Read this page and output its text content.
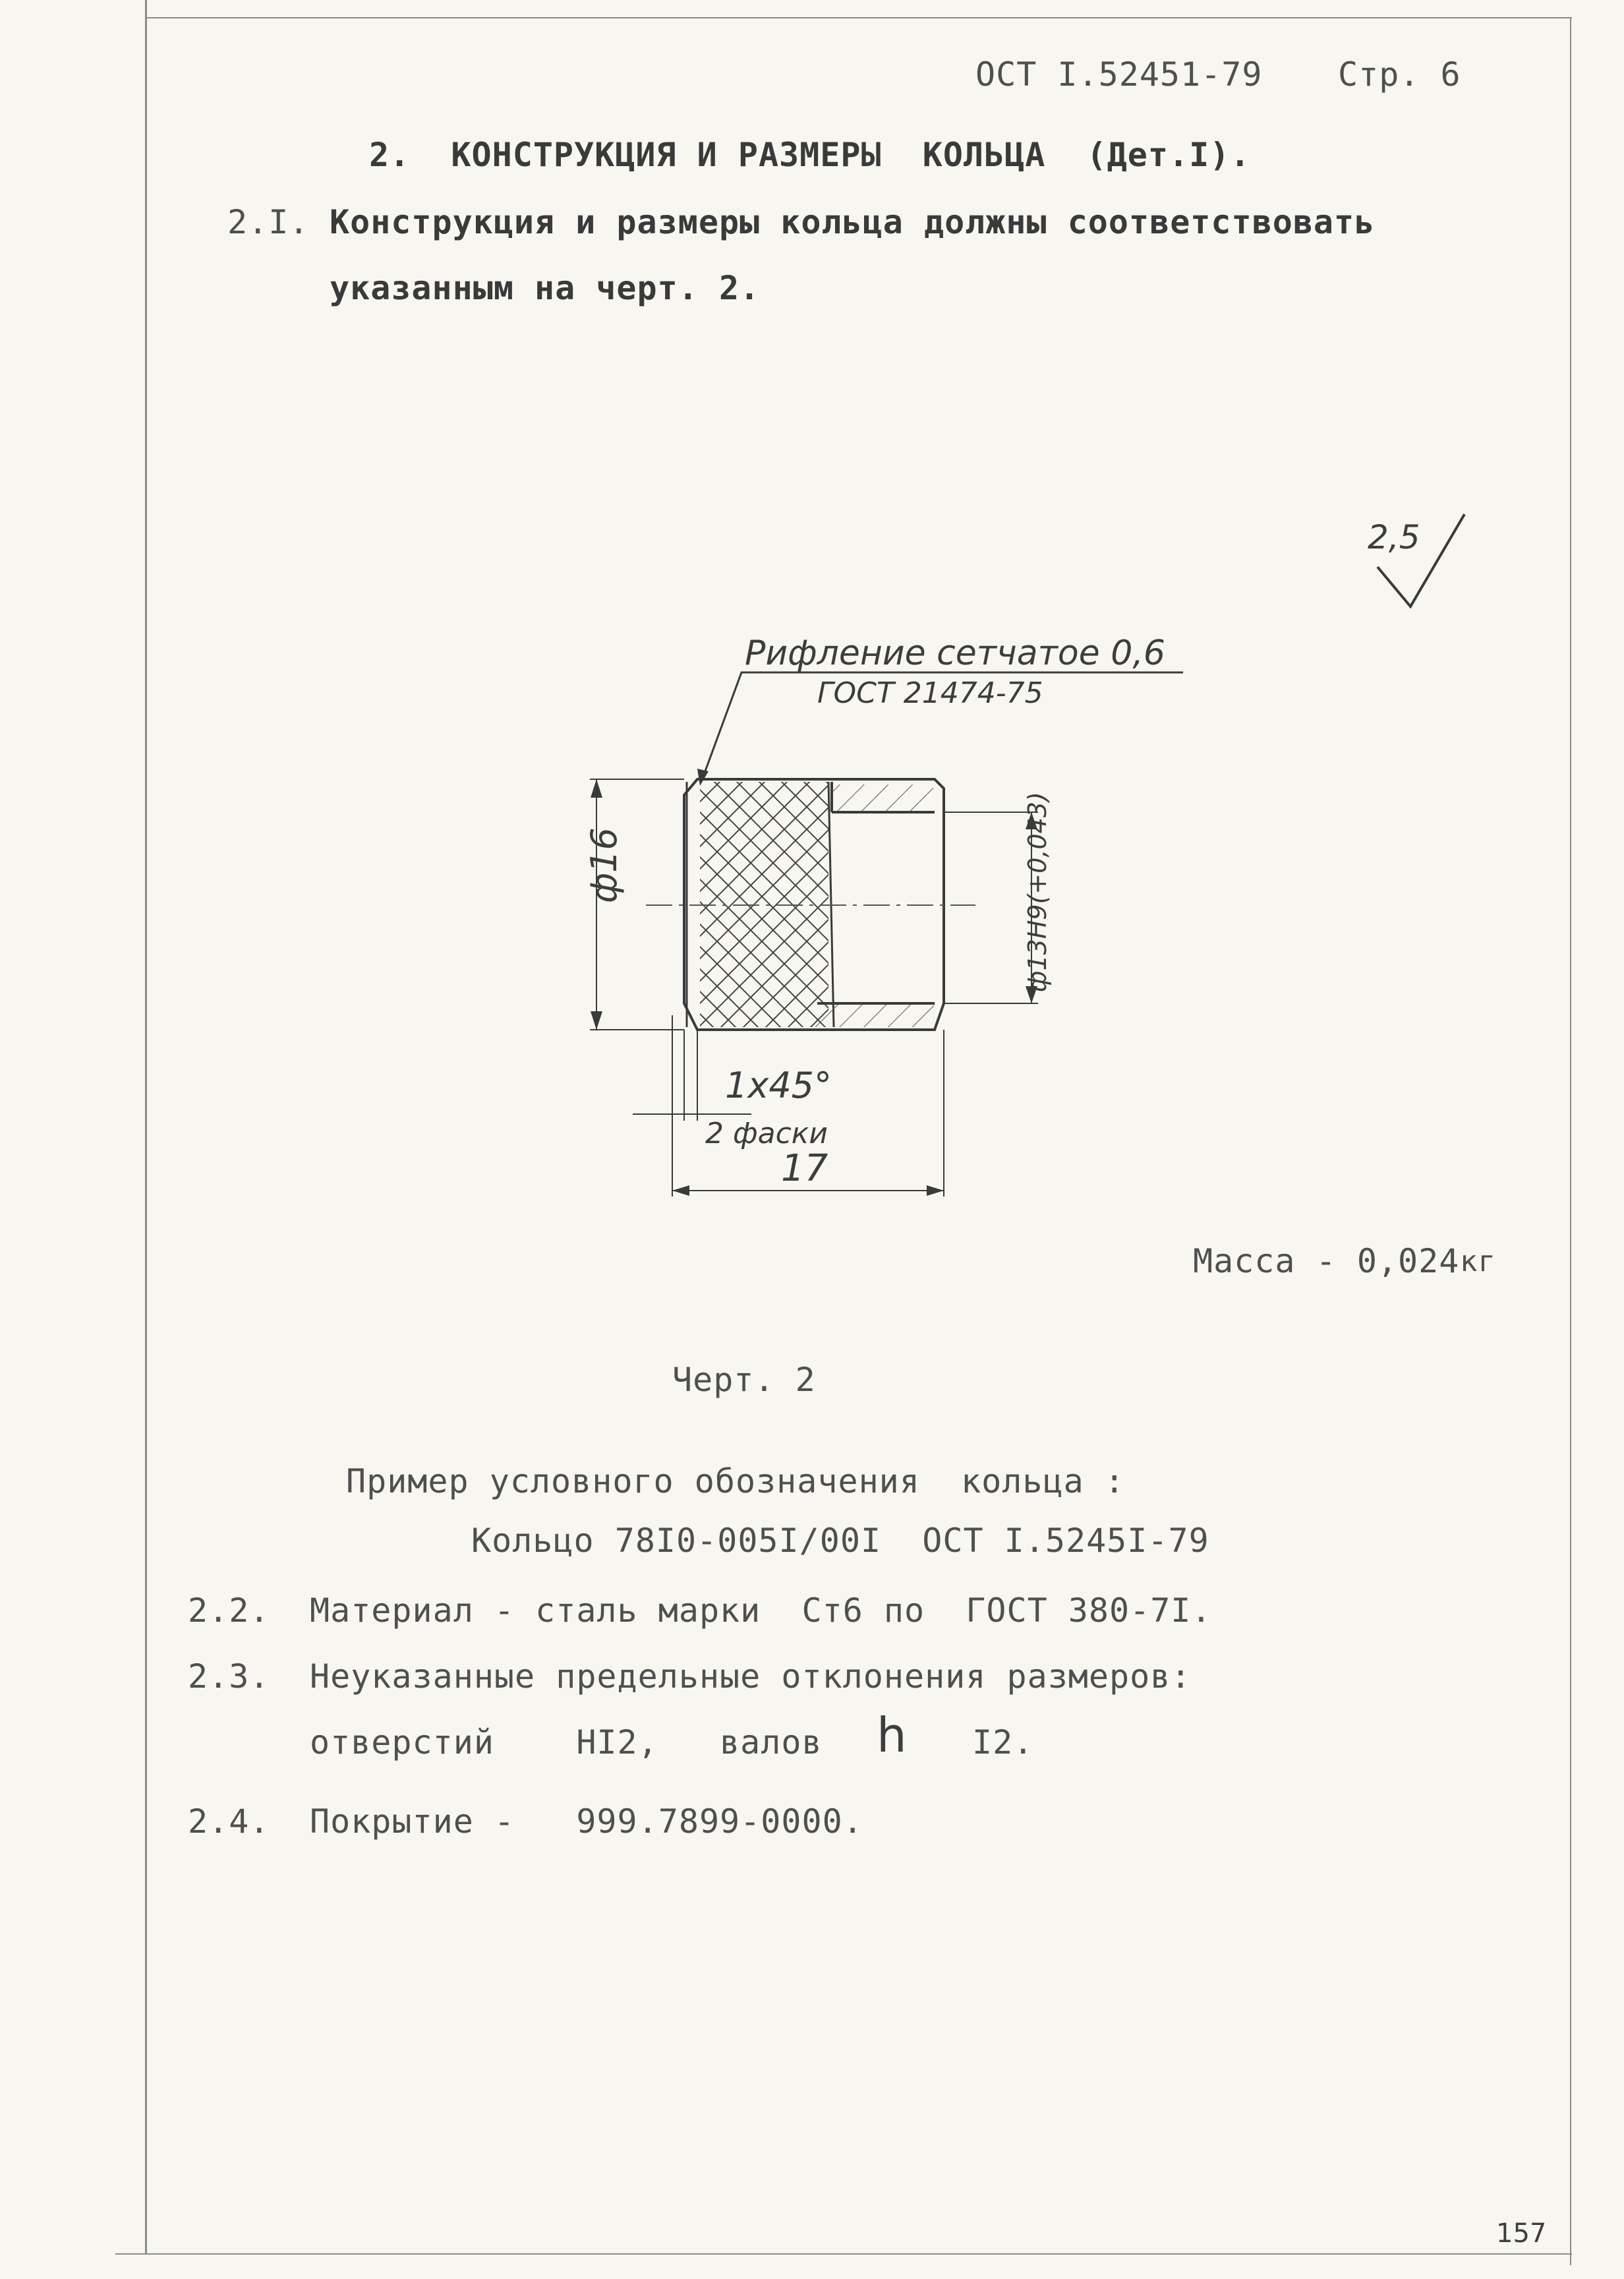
ОСТ I.52451-79 Стр. 6
2.  КОНСТРУКЦИЯ И РАЗМЕРЫ  КОЛЬЦА  (Дет.I).
2.I. Конструкция и размеры кольца должны соответствовать
указанным на черт. 2.
2,5
Рифление сетчатое 0,6
ГОСТ 21474-75
ф16	ф13Н9(+0,043)
1x45°
2 фаски
17
Масса - 0,024 кг
Черт. 2
Пример условного обозначения  кольца :
Кольцо 78I0-005I/00I  ОСТ I.5245I-79
2.2. Материал - сталь марки  Ст6 по  ГОСТ 380-7I.
2.3. Неуказанные предельные отклонения размеров:
отверстий    НI2,   валов h I2.
2.4. Покрытие -   999.7899-0000.
157
